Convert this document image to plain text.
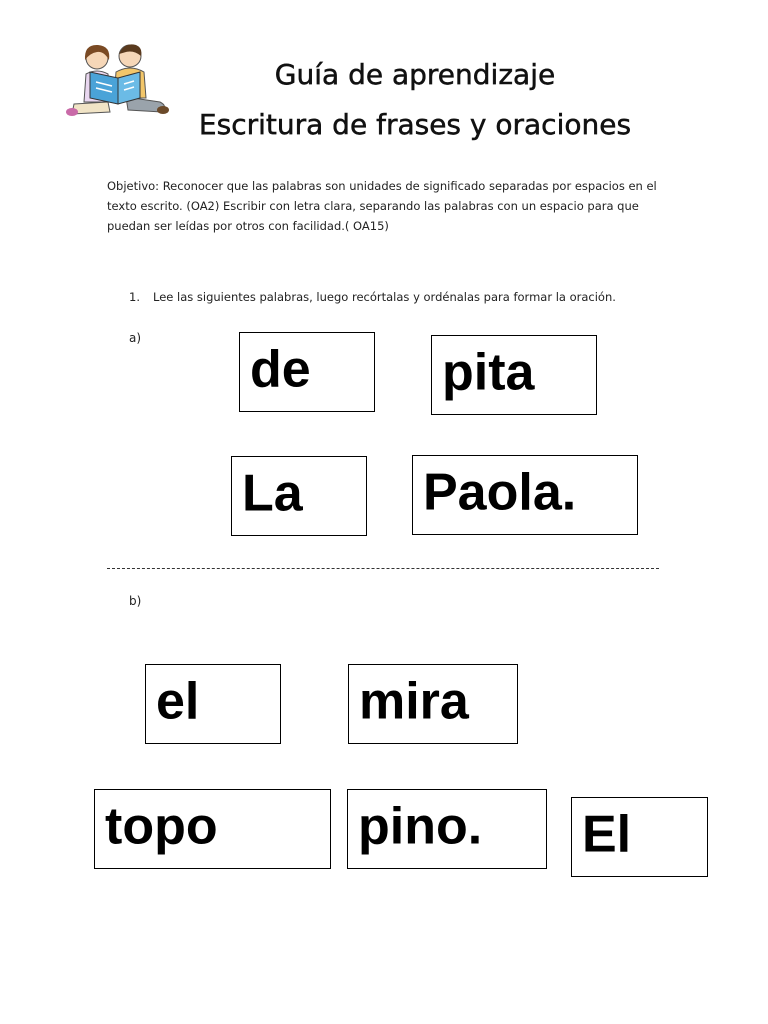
Guía de aprendizaje
Escritura de frases y oraciones
Objetivo: Reconocer que las palabras son unidades de significado separadas por espacios en el texto escrito. (OA2) Escribir con letra clara, separando las palabras con un espacio para que puedan ser leídas por otros con facilidad.( OA15)
1. Lee las siguientes palabras, luego recórtalas y ordénalas para formar la oración.
a)
de	pita
La Paola.
b)
el	mira
topo	pino. El
